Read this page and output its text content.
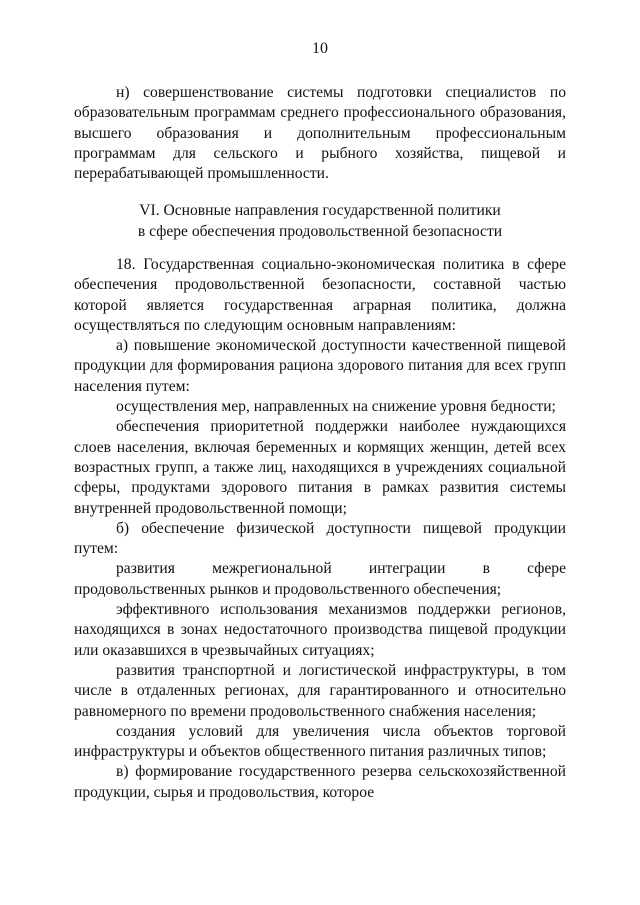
10

н) совершенствование системы подготовки специалистов по образовательным программам среднего профессионального образования, высшего образования и дополнительным профессиональным программам для сельского и рыбного хозяйства, пищевой и перерабатывающей промышленности.

VI. Основные направления государственной политики
в сфере обеспечения продовольственной безопасности

18. Государственная социально-экономическая политика в сфере обеспечения продовольственной безопасности, составной частью которой является государственная аграрная политика, должна осуществляться по следующим основным направлениям:

а) повышение экономической доступности качественной пищевой продукции для формирования рациона здорового питания для всех групп населения путем:

осуществления мер, направленных на снижение уровня бедности;

обеспечения приоритетной поддержки наиболее нуждающихся слоев населения, включая беременных и кормящих женщин, детей всех возрастных групп, а также лиц, находящихся в учреждениях социальной сферы, продуктами здорового питания в рамках развития системы внутренней продовольственной помощи;

б) обеспечение физической доступности пищевой продукции путем:

развития межрегиональной интеграции в сфере продовольственных рынков и продовольственного обеспечения;

эффективного использования механизмов поддержки регионов, находящихся в зонах недостаточного производства пищевой продукции или оказавшихся в чрезвычайных ситуациях;

развития транспортной и логистической инфраструктуры, в том числе в отдаленных регионах, для гарантированного и относительно равномерного по времени продовольственного снабжения населения;

создания условий для увеличения числа объектов торговой инфраструктуры и объектов общественного питания различных типов;

в) формирование государственного резерва сельскохозяйственной продукции, сырья и продовольствия, которое
